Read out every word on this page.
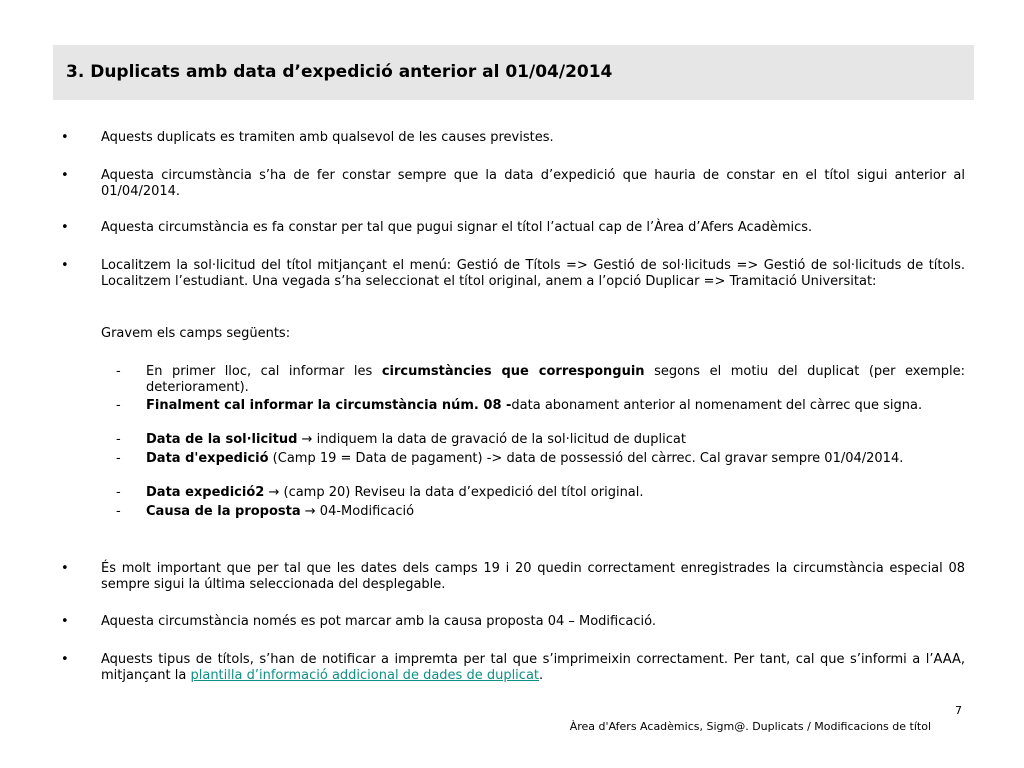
3. Duplicats amb data d’expedició anterior al 01/04/2014
• Aquests duplicats es tramiten amb qualsevol de les causes previstes.
• Aquesta circumstància s’ha de fer constar sempre que la data d’expedició que hauria de constar en el títol sigui anterior al 01/04/2014.
• Aquesta circumstància es fa constar per tal que pugui signar el títol l’actual cap de l’Àrea d’Afers Acadèmics.
• Localitzem la sol·licitud del títol mitjançant el menú: Gestió de Títols => Gestió de sol·licituds => Gestió de sol·licituds de títols. Localitzem l’estudiant. Una vegada s’ha seleccionat el títol original, anem a l’opció Duplicar => Tramitació Universitat:
Gravem els camps següents:
- En primer lloc, cal informar les circumstàncies que corresponguin segons el motiu del duplicat (per exemple: deteriorament).
- Finalment cal informar la circumstància núm. 08 -data abonament anterior al nomenament del càrrec que signa.
- Data de la sol·licitud → indiquem la data de gravació de la sol·licitud de duplicat
- Data d'expedició (Camp 19 = Data de pagament) -> data de possessió del càrrec. Cal gravar sempre 01/04/2014.
- Data expedició2 → (camp 20) Reviseu la data d’expedició del títol original.
- Causa de la proposta → 04-Modificació
• És molt important que per tal que les dates dels camps 19 i 20 quedin correctament enregistrades la circumstància especial 08 sempre sigui la última seleccionada del desplegable.
• Aquesta circumstància només es pot marcar amb la causa proposta 04 – Modificació.
• Aquests tipus de títols, s’han de notificar a impremta per tal que s’imprimeixin correctament. Per tant, cal que s’informi a l’AAA, mitjançant la plantilla d’informació addicional de dades de duplicat.
7
Àrea d'Afers Acadèmics, Sigm@. Duplicats / Modificacions de títol
